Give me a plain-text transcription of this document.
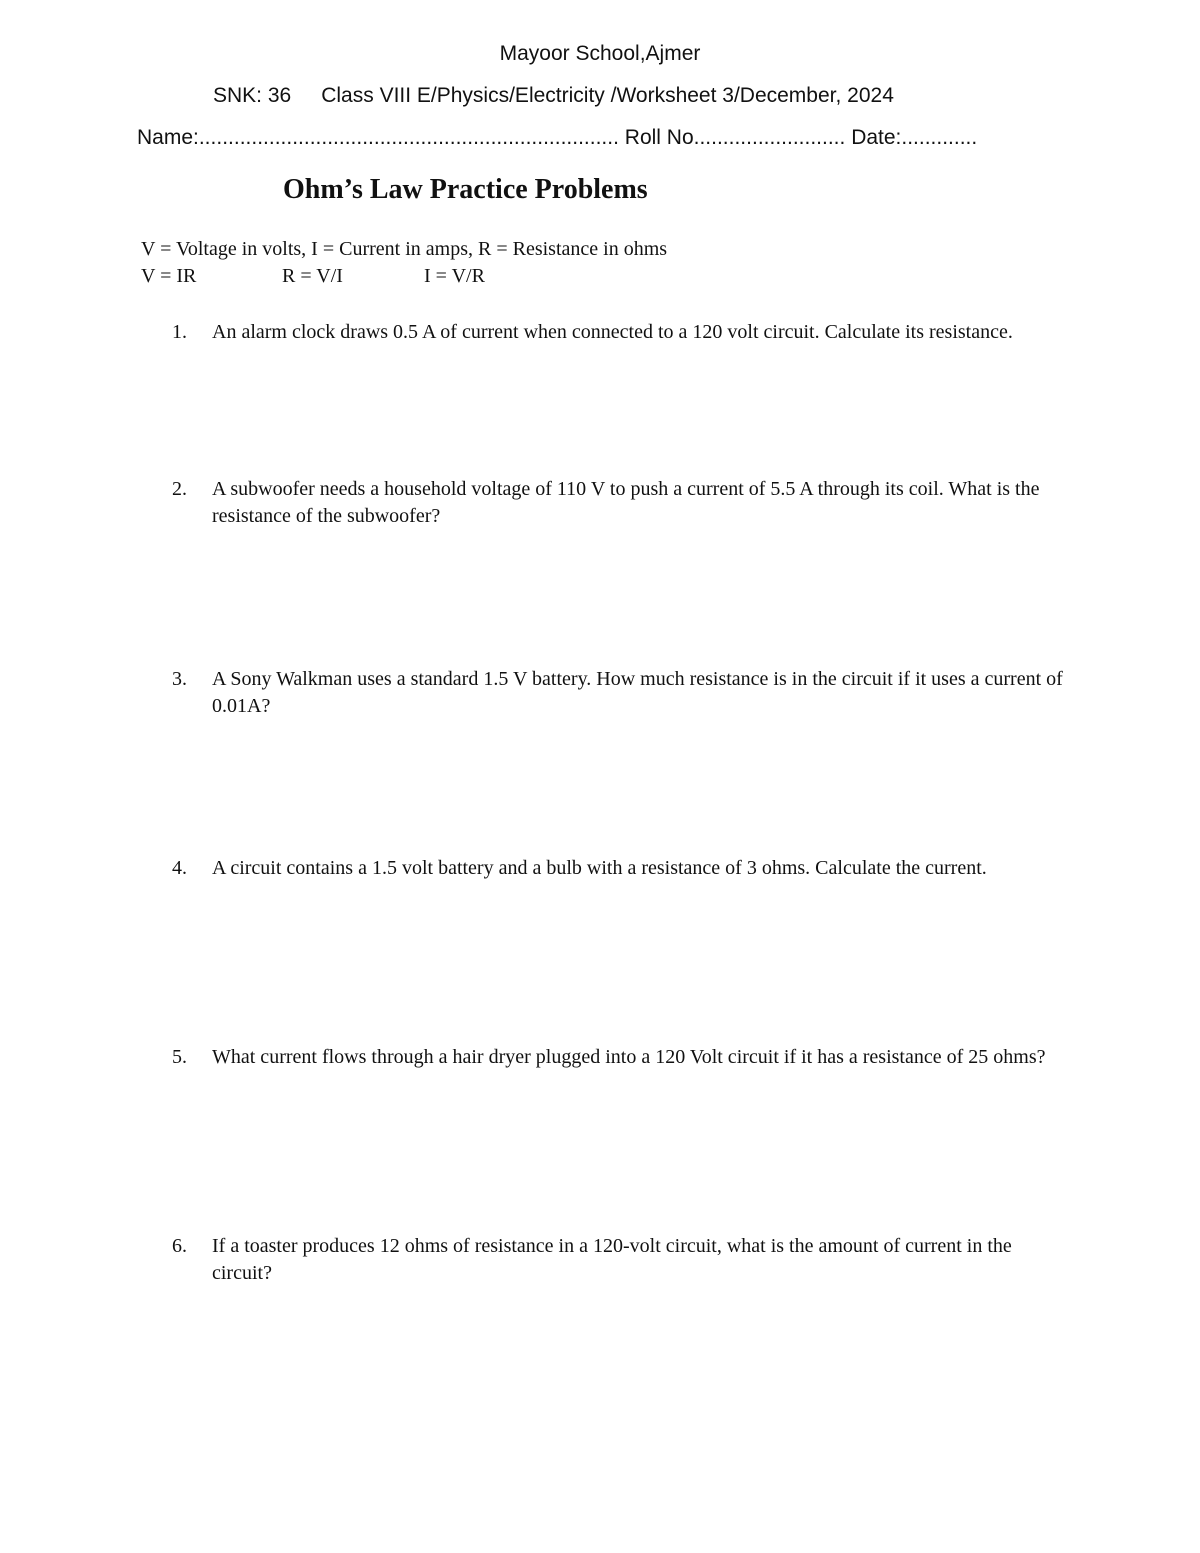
Mayoor School,Ajmer
SNK: 36 Class VIII E/Physics/Electricity /Worksheet 3/December, 2024
Name:........................................................................ Roll No.......................... Date:.............
Ohm’s Law Practice Problems
V = Voltage in volts, I = Current in amps, R = Resistance in ohms
V = IR	R = V/I	I = V/R
1.	An alarm clock draws 0.5 A of current when connected to a 120 volt circuit. Calculate its resistance.
2.	A subwoofer needs a household voltage of 110 V to push a current of 5.5 A through its coil. What is the resistance of the subwoofer?
3.	A Sony Walkman uses a standard 1.5 V battery. How much resistance is in the circuit if it uses a current of 0.01A?
4.	A circuit contains a 1.5 volt battery and a bulb with a resistance of 3 ohms. Calculate the current.
5.	What current flows through a hair dryer plugged into a 120 Volt circuit if it has a resistance of 25 ohms?
6.	If a toaster produces 12 ohms of resistance in a 120-volt circuit, what is the amount of current in the circuit?
